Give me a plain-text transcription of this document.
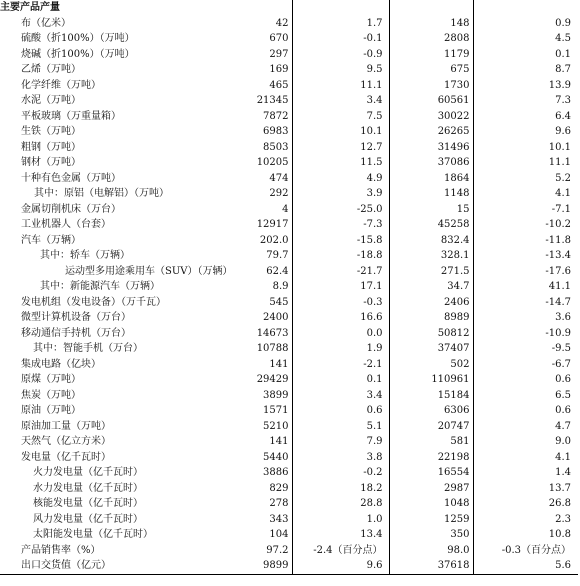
主要产品产量				
布（亿米）	42	1.7	148	0.9
硫酸（折100%）（万吨）	670	-0.1	2808	4.5
烧碱（折100%）（万吨）	297	-0.9	1179	0.1
乙烯（万吨）	169	9.5	675	8.7
化学纤维（万吨）	465	11.1	1730	13.9
水泥（万吨）	21345	3.4	60561	7.3
平板玻璃（万重量箱）	7872	7.5	30022	6.4
生铁（万吨）	6983	10.1	26265	9.6
粗钢（万吨）	8503	12.7	31496	10.1
钢材（万吨）	10205	11.5	37086	11.1
十种有色金属（万吨）	474	4.9	1864	5.2
其中：原铝（电解铝）（万吨）	292	3.9	1148	4.1
金属切削机床（万台）	4	-25.0	15	-7.1
工业机器人（台套）	12917	-7.3	45258	-10.2
汽车（万辆）	202.0	-15.8	832.4	-11.8
其中：轿车（万辆）	79.7	-18.8	328.1	-13.4
运动型多用途乘用车（SUV）（万辆）	62.4	-21.7	271.5	-17.6
其中：新能源汽车（万辆）	8.9	17.1	34.7	41.1
发电机组（发电设备）（万千瓦）	545	-0.3	2406	-14.7
微型计算机设备（万台）	2400	16.6	8989	3.6
移动通信手持机（万台）	14673	0.0	50812	-10.9
其中：智能手机（万台）	10788	1.9	37407	-9.5
集成电路（亿块）	141	-2.1	502	-6.7
原煤（万吨）	29429	0.1	110961	0.6
焦炭（万吨）	3899	3.4	15184	6.5
原油（万吨）	1571	0.6	6306	0.6
原油加工量（万吨）	5210	5.1	20747	4.7
天然气（亿立方米）	141	7.9	581	9.0
发电量（亿千瓦时）	5440	3.8	22198	4.1
火力发电量（亿千瓦时）	3886	-0.2	16554	1.4
水力发电量（亿千瓦时）	829	18.2	2987	13.7
核能发电量（亿千瓦时）	278	28.8	1048	26.8
风力发电量（亿千瓦时）	343	1.0	1259	2.3
太阳能发电量（亿千瓦时）	104	13.4	350	10.8
产品销售率（%）	97.2	-2.4（百分点）	98.0	-0.3（百分点）
出口交货值（亿元）	9899	9.6	37618	5.6
